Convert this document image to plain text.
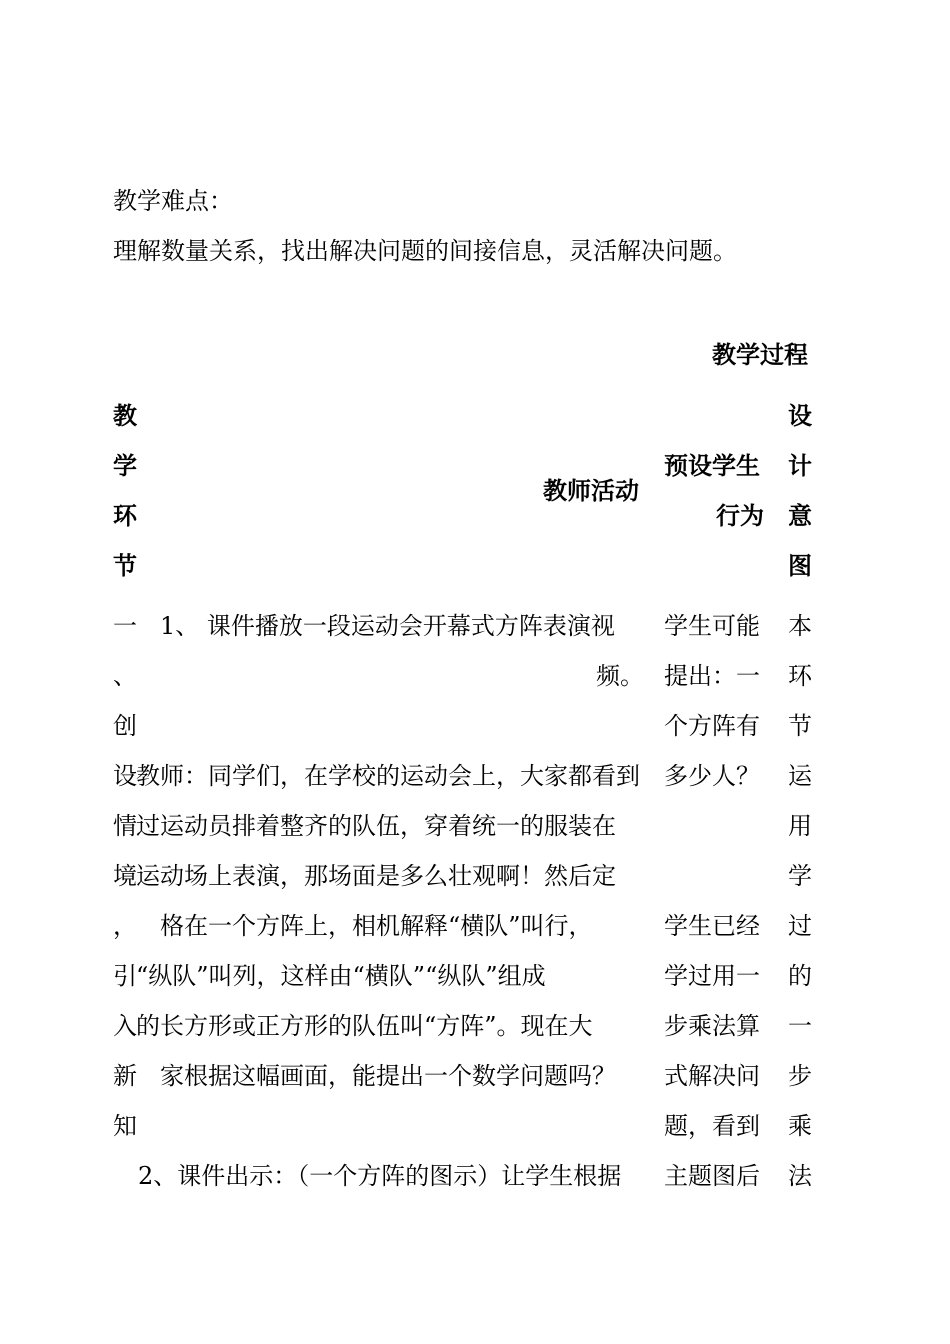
教学难点：
理解数量关系，找出解决问题的间接信息，灵活解决问题。
教学过程
教
学
环
节
教师活动
预设学生
行为
设
计
意
图
一
、
创
设
情
境
，
引
入
新
知
1、 课件播放一段运动会开幕式方阵表演视
频。
教师：同学们，在学校的运动会上，大家都看到
过运动员排着整齐的队伍，穿着统一的服装在
运动场上表演，那场面是多么壮观啊！然后定
格在一个方阵上，相机解释“横队”叫行，
“纵队”叫列，这样由“横队”“纵队”组成
的长方形或正方形的队伍叫“方阵”。现在大
家根据这幅画面，能提出一个数学问题吗？
2、课件出示：（一个方阵的图示）让学生根据
学生可能
提出：一
个方阵有
多少人？
学生已经
学过用一
步乘法算
式解决问
题，看到
主题图后
本
环
节
运
用
学
过
的
一
步
乘
法
